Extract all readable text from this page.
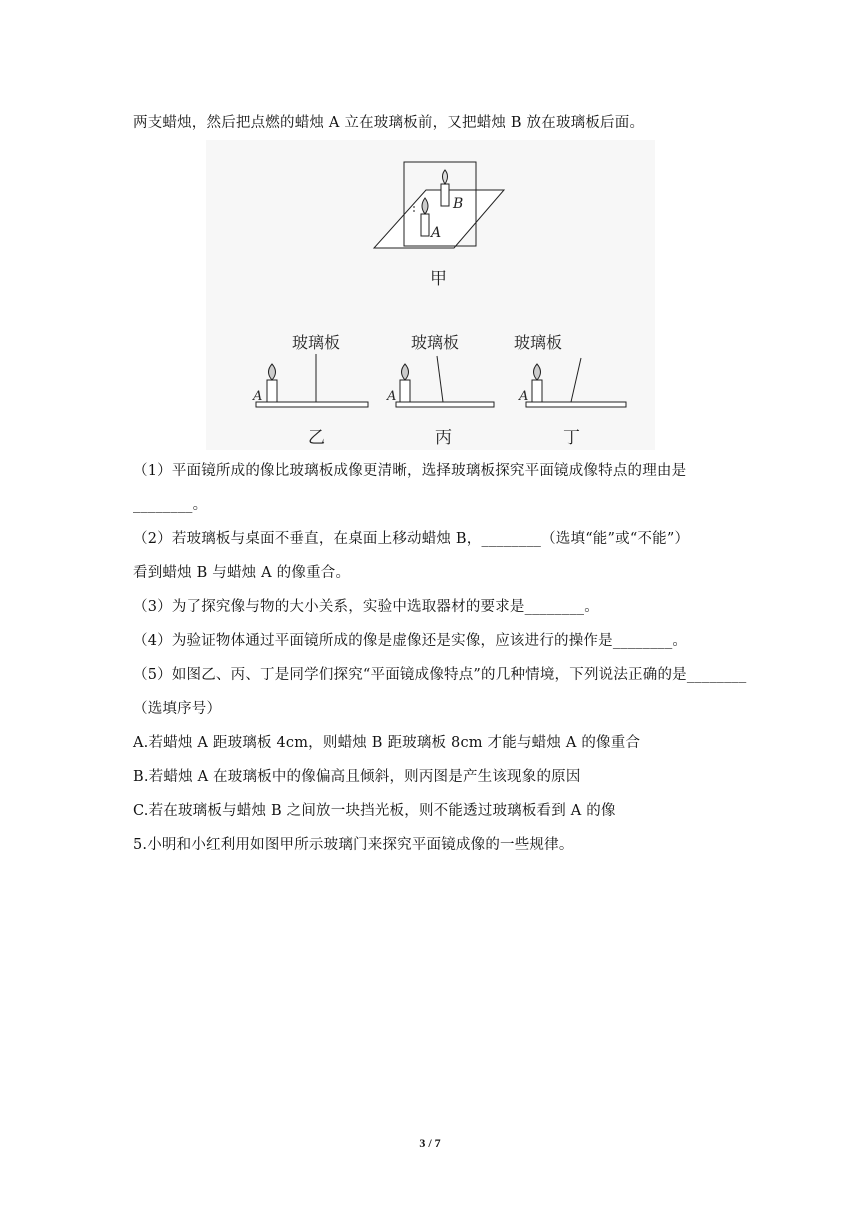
两支蜡烛，然后把点燃的蜡烛 A 立在玻璃板前，又把蜡烛 B 放在玻璃板后面。
B
A
甲
玻璃板
A
乙
玻璃板
A
丙
玻璃板
A
丁
（1）平面镜所成的像比玻璃板成像更清晰，选择玻璃板探究平面镜成像特点的理由是
________。
（2）若玻璃板与桌面不垂直，在桌面上移动蜡烛 B，________（选填“能”或“不能”）
看到蜡烛 B 与蜡烛 A 的像重合。
（3）为了探究像与物的大小关系，实验中选取器材的要求是________。
（4）为验证物体通过平面镜所成的像是虚像还是实像，应该进行的操作是________。
（5）如图乙、丙、丁是同学们探究“平面镜成像特点”的几种情境，下列说法正确的是________
（选填序号）
A.若蜡烛 A 距玻璃板 4cm，则蜡烛 B 距玻璃板 8cm 才能与蜡烛 A 的像重合
B.若蜡烛 A 在玻璃板中的像偏高且倾斜，则丙图是产生该现象的原因
C.若在玻璃板与蜡烛 B 之间放一块挡光板，则不能透过玻璃板看到 A 的像
5.小明和小红利用如图甲所示玻璃门来探究平面镜成像的一些规律。
3 / 7
